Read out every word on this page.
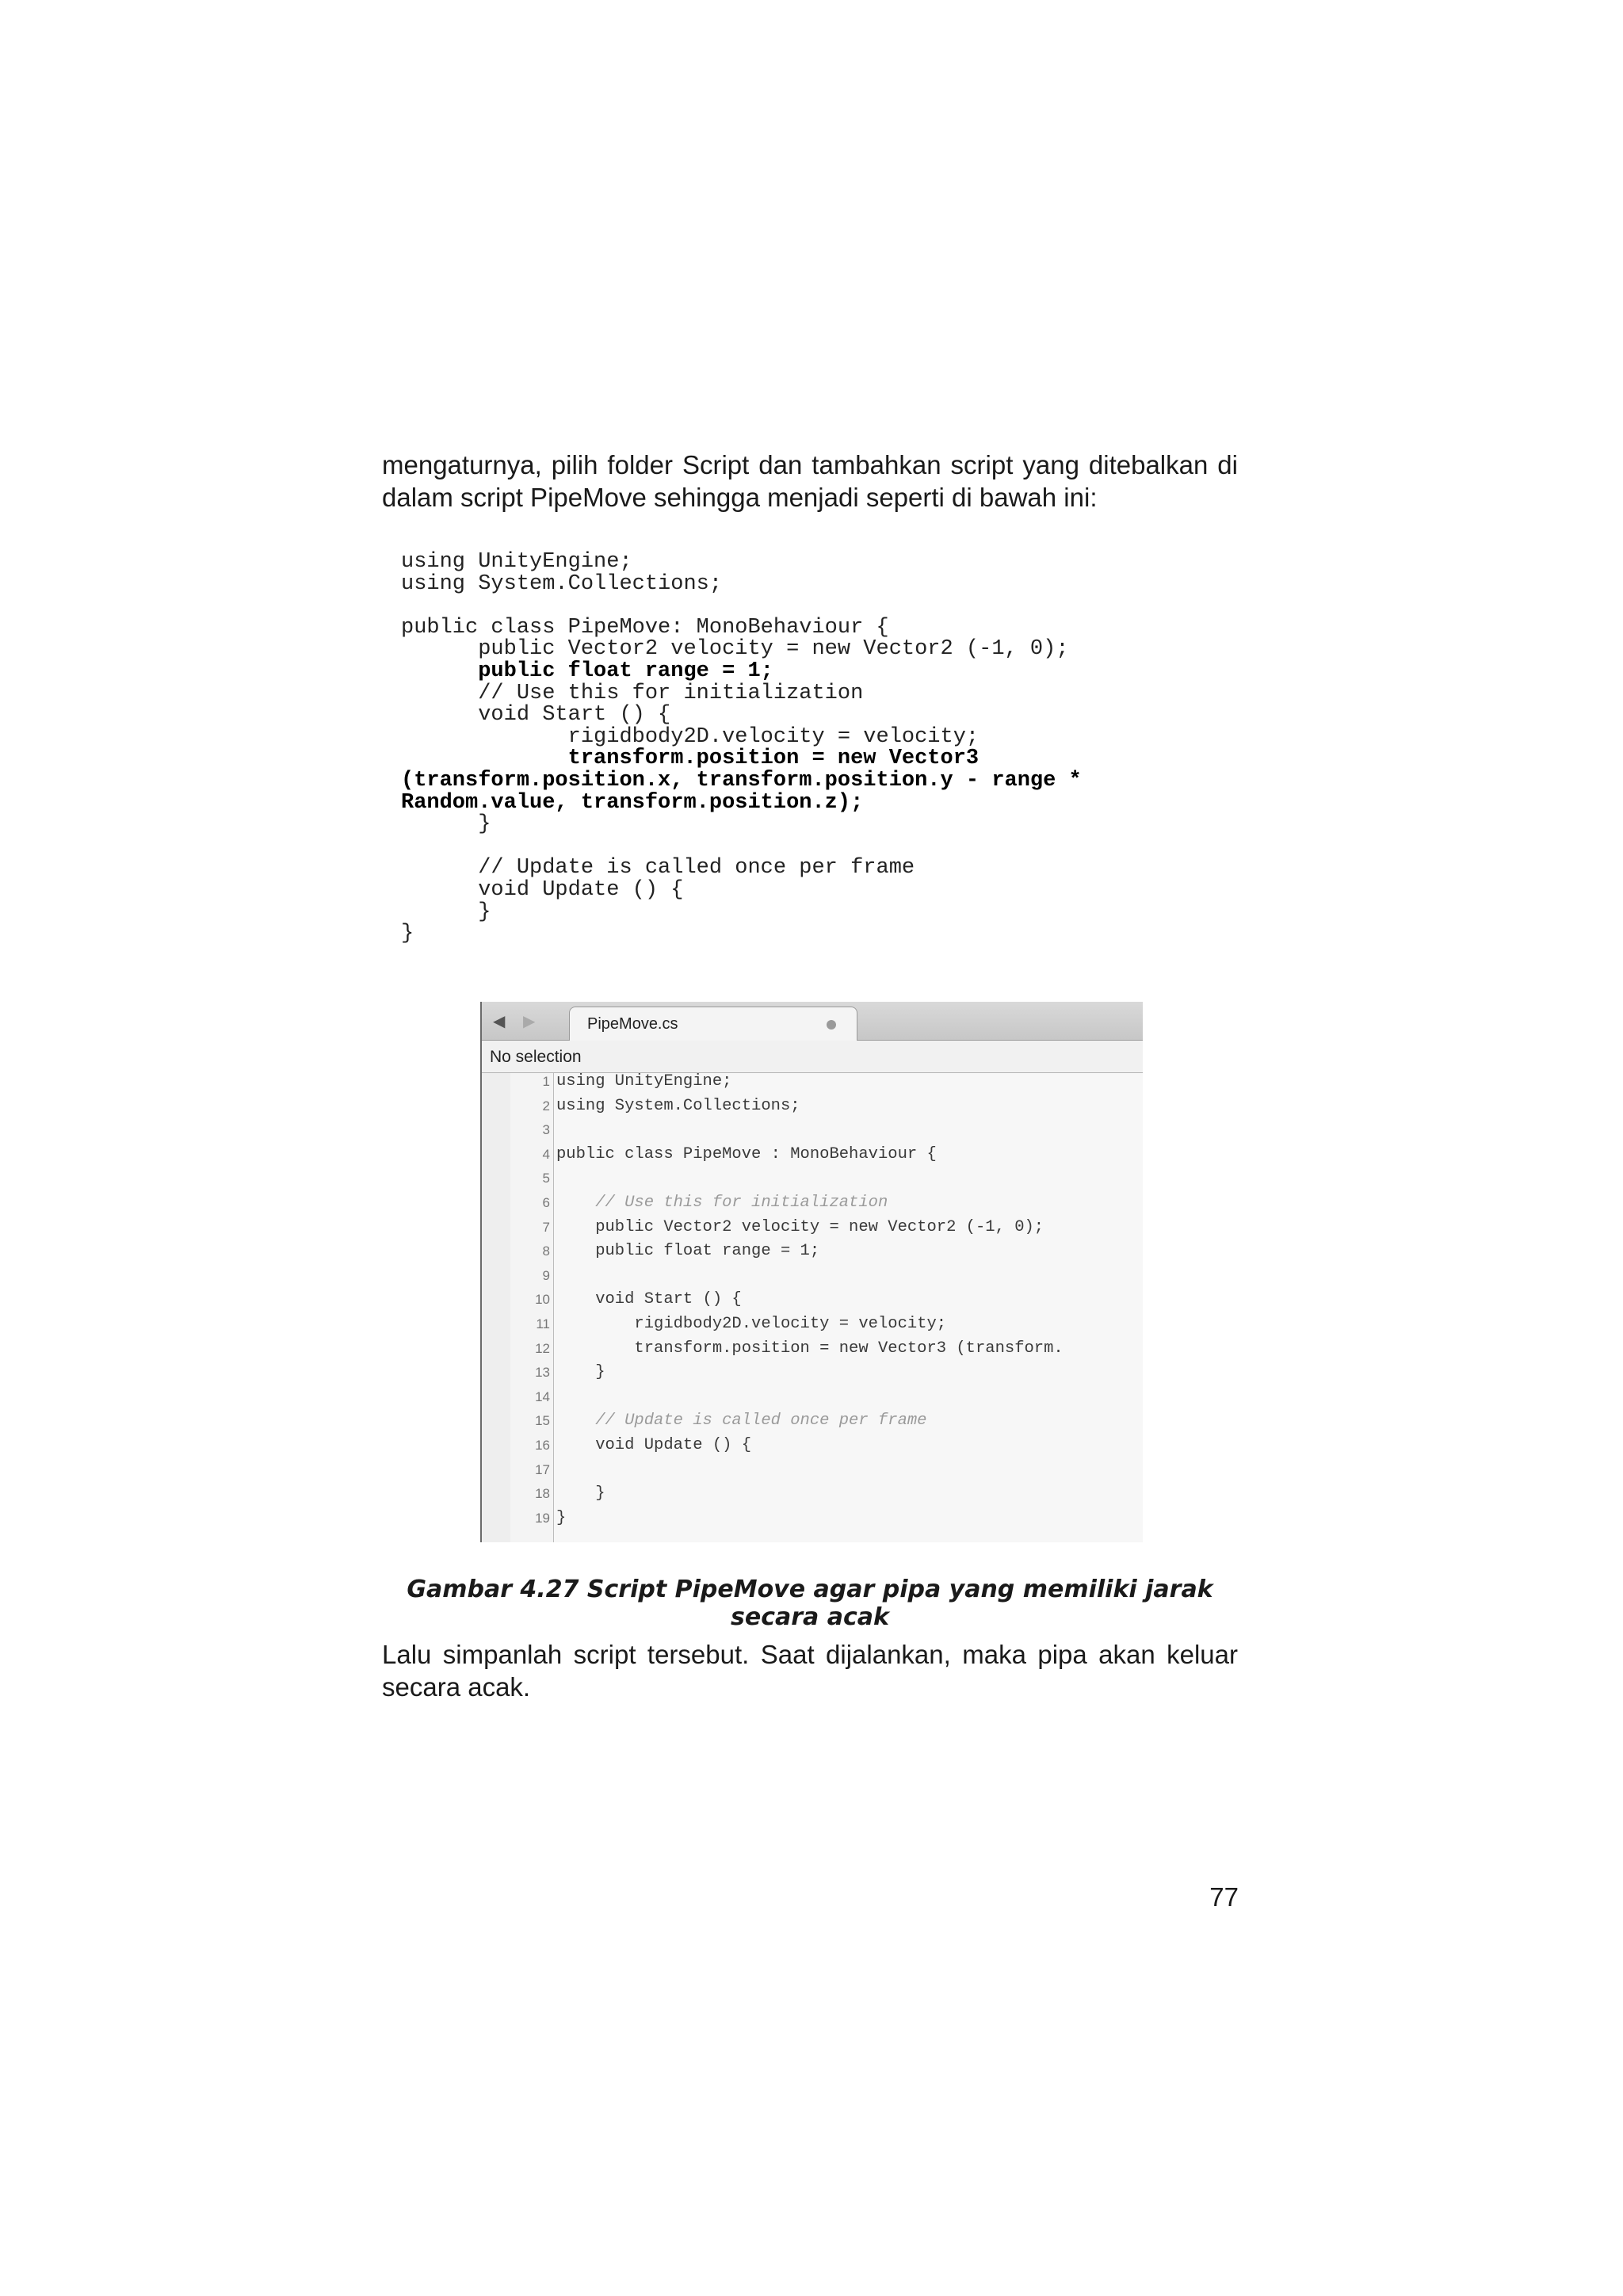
mengaturnya, pilih folder Script dan tambahkan script yang ditebalkan di dalam script PipeMove sehingga menjadi seperti di bawah ini:

using UnityEngine;
using System.Collections;
public class PipeMove: MonoBehaviour {
public Vector2 velocity = new Vector2 (-1, 0);
public float range = 1;
// Use this for initialization
void Start () {
rigidbody2D.velocity = velocity;
transform.position = new Vector3
(transform.position.x, transform.position.y - range *
Random.value, transform.position.z);
}
// Update is called once per frame
void Update () {
}
}
◀ ▶	PipeMove.cs
No selection
1 using UnityEngine;
2 using System.Collections;
3
4 public class PipeMove : MonoBehaviour {
5
6 // Use this for initialization
7 public Vector2 velocity = new Vector2 (-1, 0);
8 public float range = 1;
9
10 void Start () {
11 rigidbody2D.velocity = velocity;
12 transform.position = new Vector3 (transform.
13 }
14
15 // Update is called once per frame
16 void Update () {
17
18 }
19 }
Gambar 4.27 Script PipeMove agar pipa yang memiliki jarak secara acak

Lalu simpanlah script tersebut. Saat dijalankan, maka pipa akan keluar secara acak.

77
